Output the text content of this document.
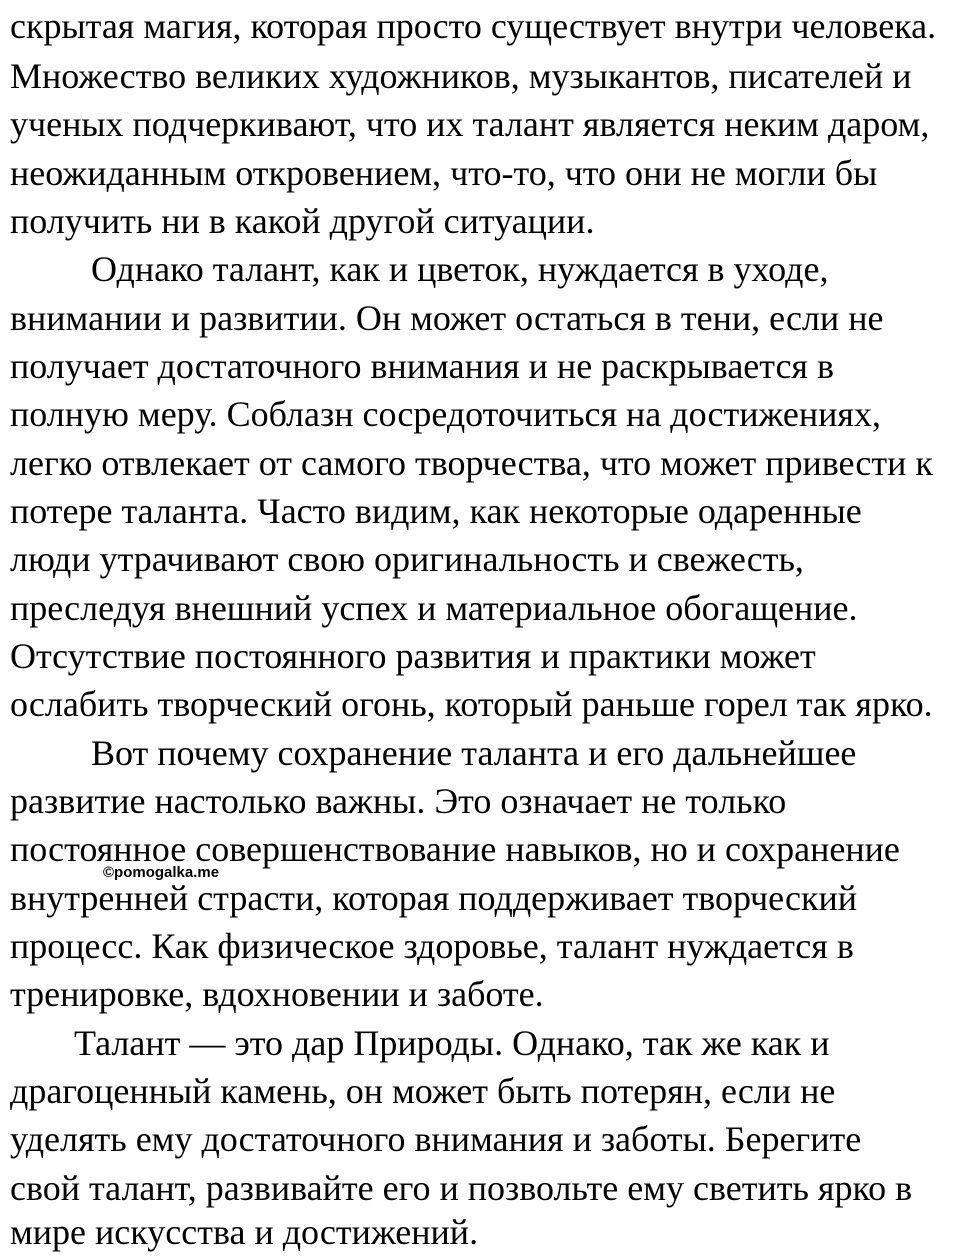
скрытая магия, которая просто существует внутри человека.
Множество великих художников, музыкантов, писателей и
ученых подчеркивают, что их талант является неким даром,
неожиданным откровением, что-то, что они не могли бы
получить ни в какой другой ситуации.
Однако талант, как и цветок, нуждается в уходе,
внимании и развитии. Он может остаться в тени, если не
получает достаточного внимания и не раскрывается в
полную меру. Соблазн сосредоточиться на достижениях,
легко отвлекает от самого творчества, что может привести к
потере таланта. Часто видим, как некоторые одаренные
люди утрачивают свою оригинальность и свежесть,
преследуя внешний успех и материальное обогащение.
Отсутствие постоянного развития и практики может
ослабить творческий огонь, который раньше горел так ярко.
Вот почему сохранение таланта и его дальнейшее
развитие настолько важны. Это означает не только
постоянное совершенствование навыков, но и сохранение
внутренней страсти, которая поддерживает творческий
процесс. Как физическое здоровье, талант нуждается в
тренировке, вдохновении и заботе.
Талант — это дар Природы. Однако, так же как и
драгоценный камень, он может быть потерян, если не
уделять ему достаточного внимания и заботы. Берегите
свой талант, развивайте его и позвольте ему светить ярко в
мире искусства и достижений.
©pomogalka.me
